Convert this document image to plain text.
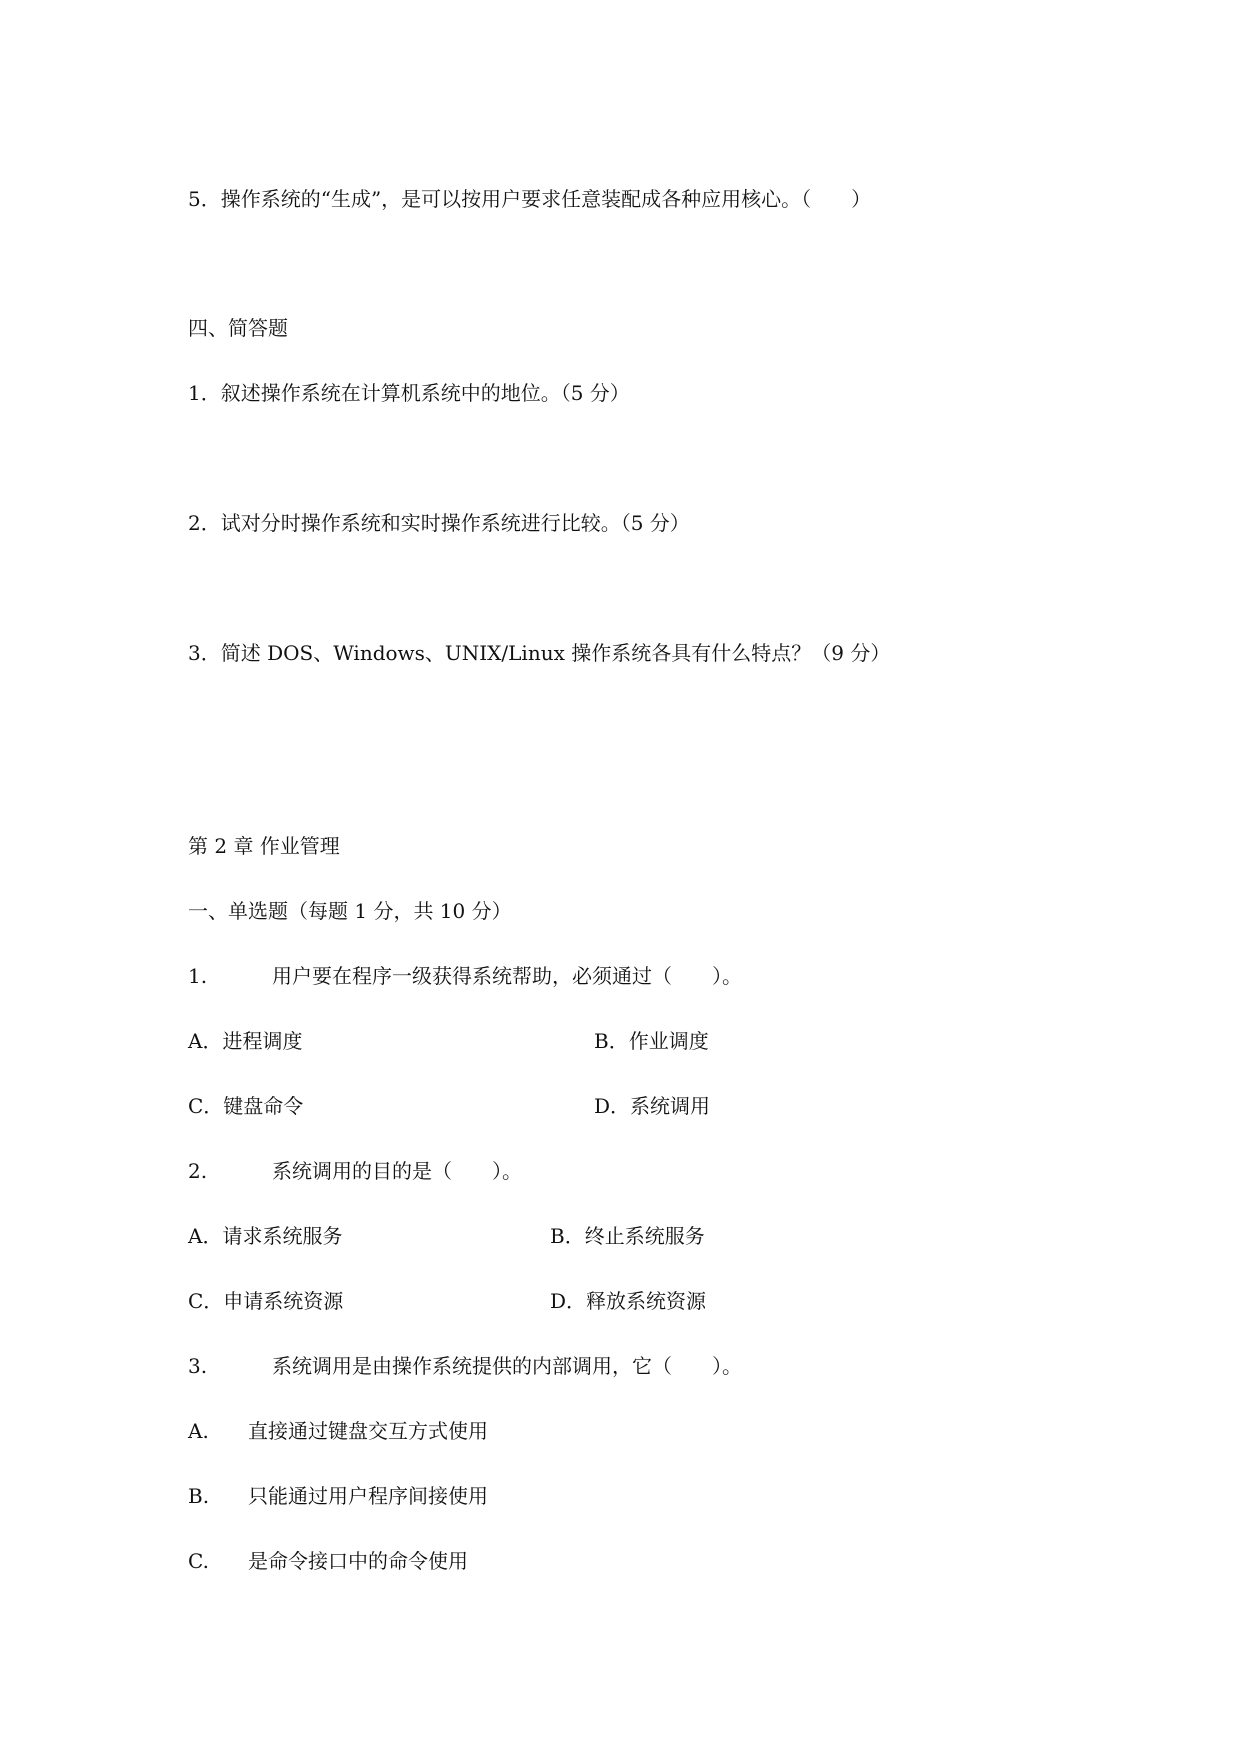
5．操作系统的“生成”，是可以按用户要求任意装配成各种应用核心。（　　）
四、简答题
1．叙述操作系统在计算机系统中的地位。（5 分）
2．试对分时操作系统和实时操作系统进行比较。（5 分）
3．简述 DOS、Windows、UNIX/Linux 操作系统各具有什么特点？（9 分）
第 2 章 作业管理
一、单选题（每题 1 分，共 10 分）
1.	用户要在程序一级获得系统帮助，必须通过（　　）。
A．进程调度	B．作业调度
C．键盘命令	D．系统调用
2.	系统调用的目的是（　　）。
A．请求系统服务	B．终止系统服务
C．申请系统资源	D．释放系统资源
3.	系统调用是由操作系统提供的内部调用，它（　　）。
A. 直接通过键盘交互方式使用
B. 只能通过用户程序间接使用
C. 是命令接口中的命令使用
